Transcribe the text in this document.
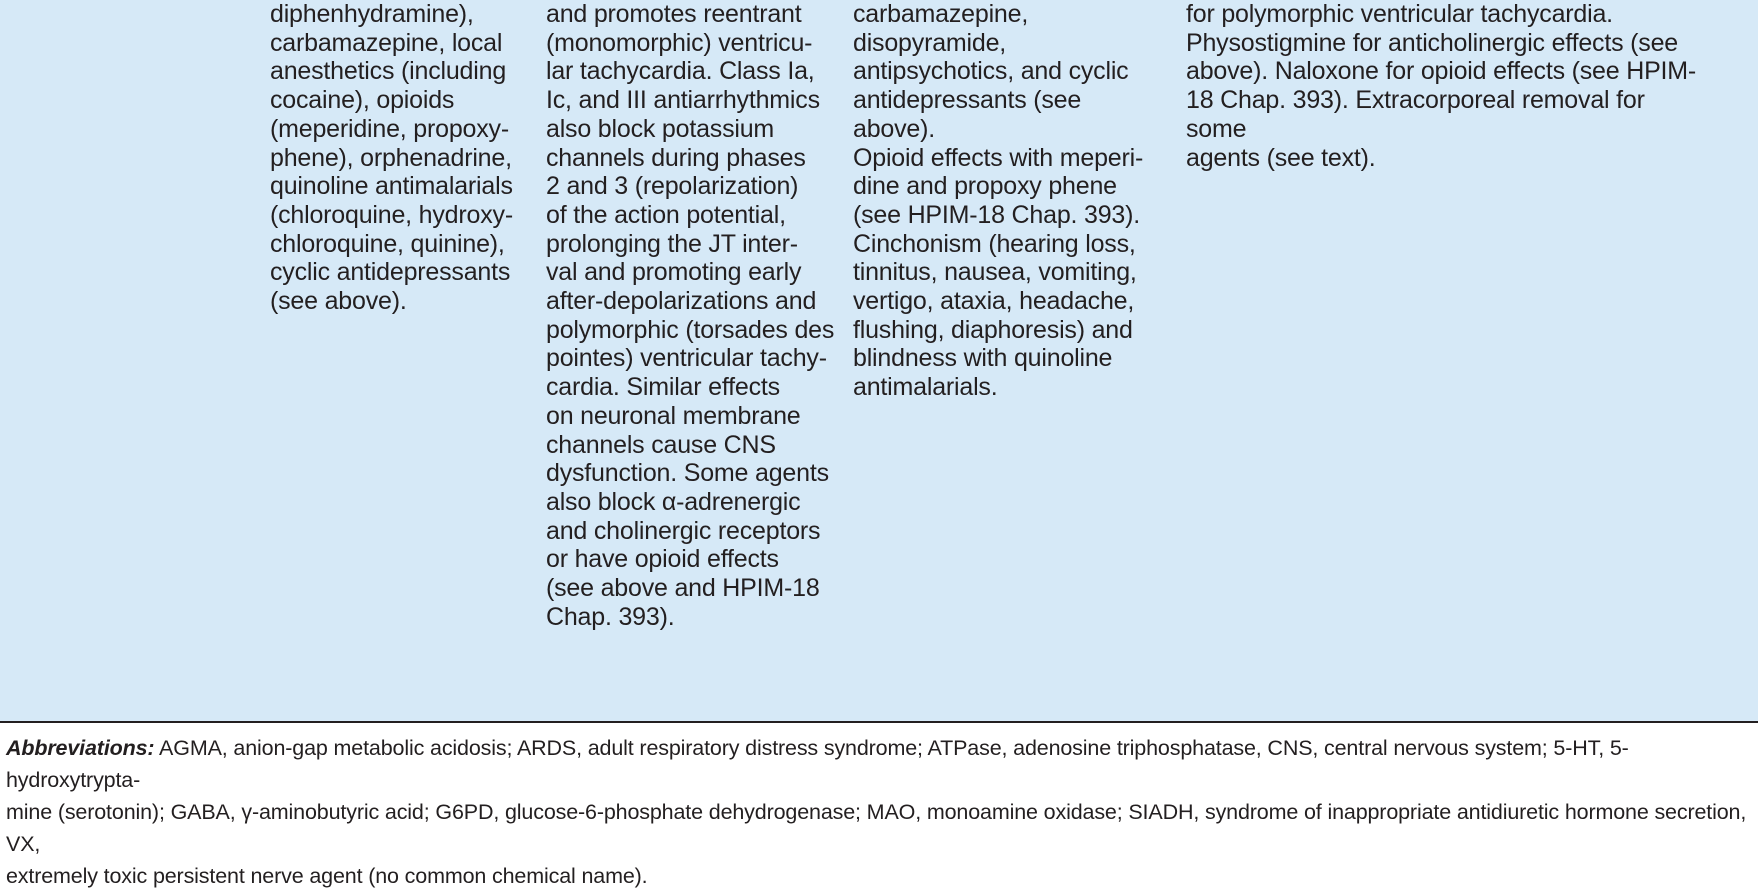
diphenhydramine),
carbamazepine, local
anesthetics (including
cocaine), opioids
(meperidine, propoxy-
phene), orphenadrine,
quinoline antimalarials
(chloroquine, hydroxy-
chloroquine, quinine),
cyclic antidepressants
(see above).

and promotes reentrant
(monomorphic) ventricu-
lar tachycardia. Class Ia,
Ic, and III antiarrhythmics
also block potassium
channels during phases
2 and 3 (repolarization)
of the action potential,
prolonging the JT inter-
val and promoting early
after-depolarizations and
polymorphic (torsades des
pointes) ventricular tachy-
cardia. Similar effects
on neuronal membrane
channels cause CNS
dysfunction. Some agents
also block α-adrenergic
and cholinergic receptors
or have opioid effects
(see above and HPIM-18
Chap. 393).

carbamazepine, disopyramide,
antipsychotics, and cyclic
antidepressants (see above).
Opioid effects with meperi-
dine and propoxy phene
(see HPIM-18 Chap. 393).
Cinchonism (hearing loss,
tinnitus, nausea, vomiting,
vertigo, ataxia, headache,
flushing, diaphoresis) and
blindness with quinoline
antimalarials.

for polymorphic ventricular tachycardia.
Physostigmine for anticholinergic effects (see
above). Naloxone for opioid effects (see HPIM-
18 Chap. 393). Extracorporeal removal for some
agents (see text).

Abbreviations: AGMA, anion-gap metabolic acidosis; ARDS, adult respiratory distress syndrome; ATPase, adenosine triphosphatase, CNS, central nervous system; 5-HT, 5-hydroxytrypta-
mine (serotonin); GABA, γ-aminobutyric acid; G6PD, glucose-6-phosphate dehydrogenase; MAO, monoamine oxidase; SIADH, syndrome of inappropriate antidiuretic hormone secretion, VX,
extremely toxic persistent nerve agent (no common chemical name).
